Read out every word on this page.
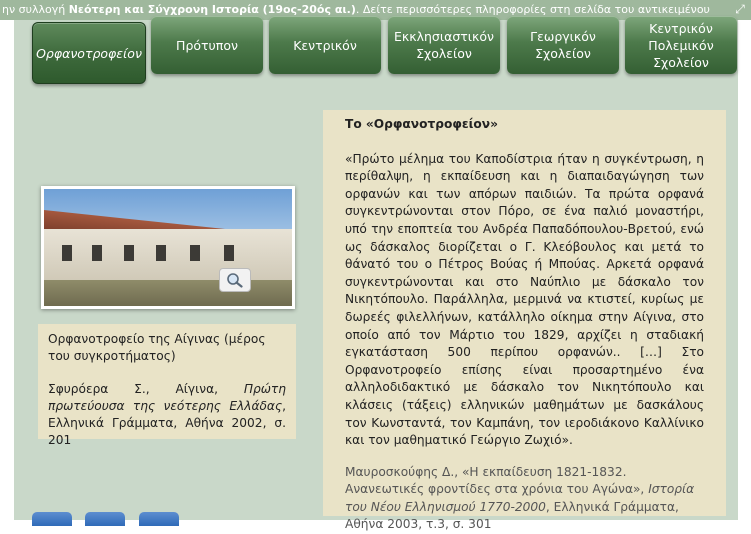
ην συλλογή Νεότερη και Σύγχρονη Ιστορία (19ος-20ός αι.). Δείτε περισσότερες πληροφορίες στη σελίδα του αντικειμένου ⤢
Ορφανοτροφείον
Πρότυπον	Κεντρικόν
Εκκλησιαστικόν
Σχολείον
Γεωργικόν
Σχολείον
Κεντρικόν
Πολεμικόν
Σχολείον

Ορφανοτροφείο της Αίγινας (μέρος του συγκροτήματος)

Σφυρόερα Σ., Αίγινα, Πρώτη πρωτεύουσα της νεότερης Ελλάδας, Ελληνικά Γράμματα, Αθήνα 2002, σ. 201

Το «Ορφανοτροφείον»

«Πρώτο μέλημα του Καποδίστρια ήταν η συγκέντρωση, η περίθαλψη, η εκπαίδευση και η διαπαιδαγώγηση των ορφανών και των απόρων παιδιών. Τα πρώτα ορφανά συγκεντρώνονται στον Πόρο, σε ένα παλιό μοναστήρι, υπό την εποπτεία του Ανδρέα Παπαδόπουλου-Βρετού, ενώ ως δάσκαλος διορίζεται ο Γ. Κλεόβουλος και μετά το θάνατό του ο Πέτρος Βούας ή Μπούας. Αρκετά ορφανά συγκεντρώνονται και στο Ναύπλιο με δάσκαλο τον Νικητόπουλο. Παράλληλα, μερμινά να κτιστεί, κυρίως με δωρεές φιλελλήνων, κατάλληλο οίκημα στην Αίγινα, στο οποίο από τον Μάρτιο του 1829, αρχίζει η σταδιακή εγκατάσταση 500 περίπου ορφανών.. […] Στο Ορφανοτροφείο επίσης είναι προσαρτημένο ένα αλληλοδιδακτικό με δάσκαλο τον Νικητόπουλο και κλάσεις (τάξεις) ελληνικών μαθημάτων με δασκάλους τον Κωνσταντά, τον Καμπάνη, τον ιεροδιάκονο Καλλίνικο και τον μαθηματικό Γεώργιο Ζωχιό».

Μαυροσκούφης Δ., «Η εκπαίδευση 1821-1832. Ανανεωτικές φροντίδες στα χρόνια του Αγώνα», Ιστορία του Νέου Ελληνισμού 1770-2000, Ελληνικά Γράμματα, Αθήνα 2003, τ.3, σ. 301
